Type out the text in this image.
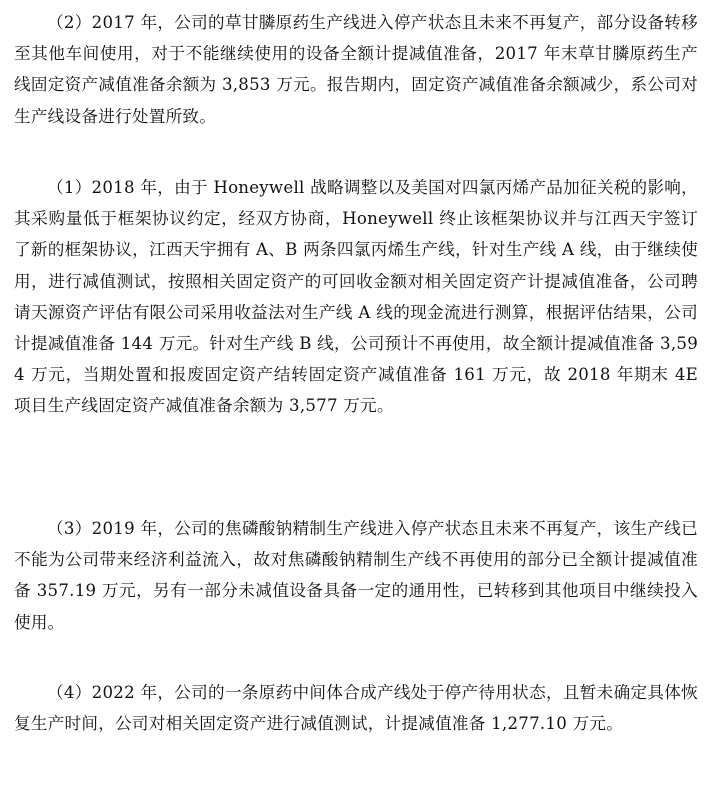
（2）2017 年，公司的草甘膦原药生产线进入停产状态且未来不再复产，部分设备转移至其他车间使用，对于不能继续使用的设备全额计提减值准备，2017 年末草甘膦原药生产线固定资产减值准备余额为 3,853 万元。报告期内，固定资产减值准备余额减少，系公司对生产线设备进行处置所致。

（1）2018 年，由于 Honeywell 战略调整以及美国对四氯丙烯产品加征关税的影响，其采购量低于框架协议约定，经双方协商，Honeywell 终止该框架协议并与江西天宇签订了新的框架协议，江西天宇拥有 A、B 两条四氯丙烯生产线，针对生产线 A 线，由于继续使用，进行减值测试，按照相关固定资产的可回收金额对相关固定资产计提减值准备，公司聘请天源资产评估有限公司采用收益法对生产线 A 线的现金流进行测算，根据评估结果，公司计提减值准备 144 万元。针对生产线 B 线，公司预计不再使用，故全额计提减值准备 3,594 万元，当期处置和报废固定资产结转固定资产减值准备 161 万元，故 2018 年期末 4E 项目生产线固定资产减值准备余额为 3,577 万元。

（3）2019 年，公司的焦磷酸钠精制生产线进入停产状态且未来不再复产，该生产线已不能为公司带来经济利益流入，故对焦磷酸钠精制生产线不再使用的部分已全额计提减值准备 357.19 万元，另有一部分未减值设备具备一定的通用性，已转移到其他项目中继续投入使用。

（4）2022 年，公司的一条原药中间体合成产线处于停产待用状态，且暂未确定具体恢复生产时间，公司对相关固定资产进行减值测试，计提减值准备 1,277.10 万元。
